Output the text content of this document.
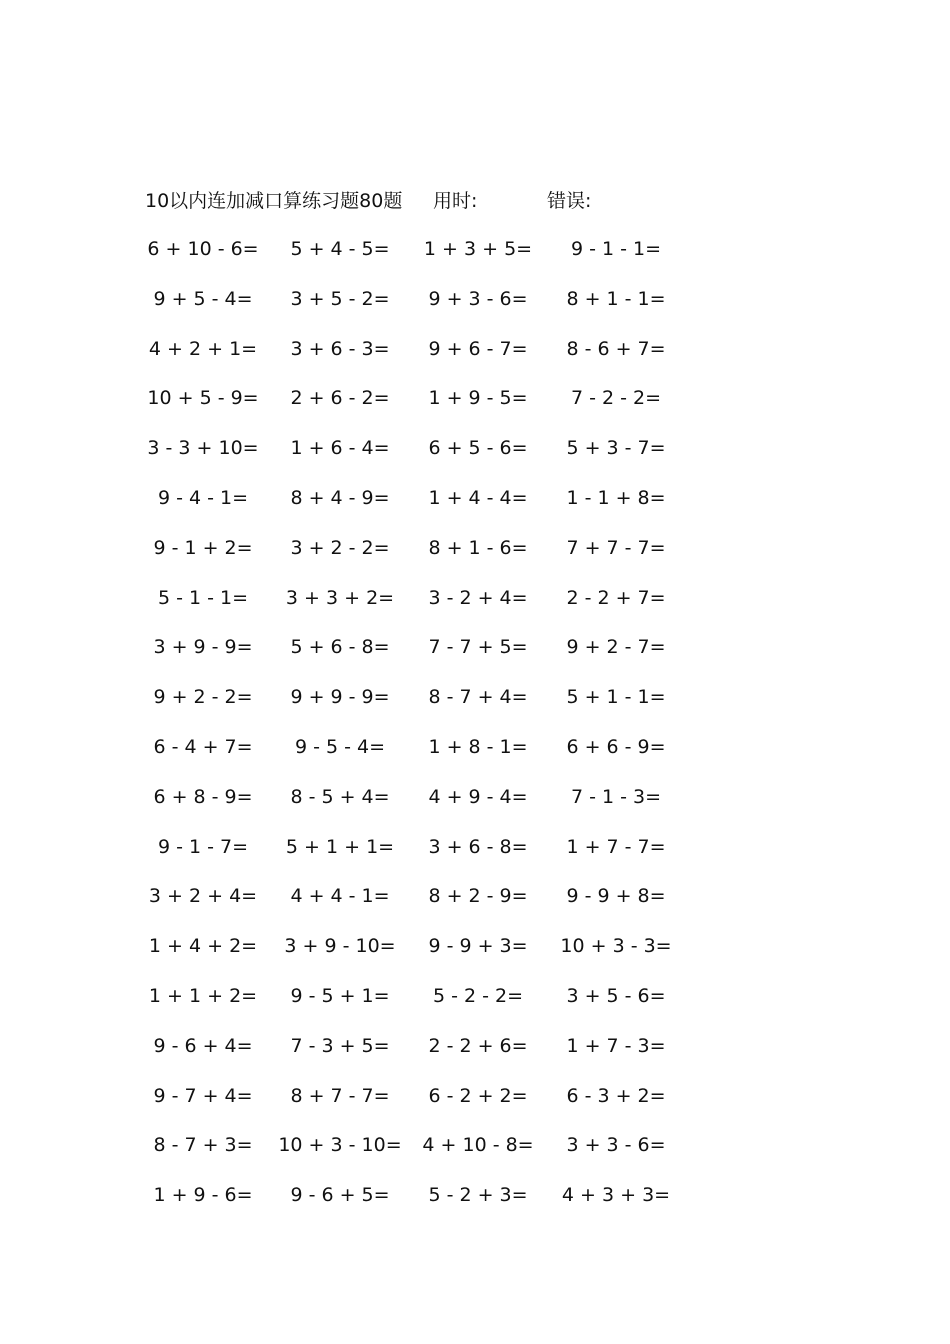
10以内连加减口算练习题80题 用时:	错误:
6 + 10 - 6=	5 + 4 - 5=	1 + 3 + 5=	9 - 1 - 1=
9 + 5 - 4=	3 + 5 - 2=	9 + 3 - 6=	8 + 1 - 1=
4 + 2 + 1=	3 + 6 - 3=	9 + 6 - 7=	8 - 6 + 7=
10 + 5 - 9=	2 + 6 - 2=	1 + 9 - 5=	7 - 2 - 2=
3 - 3 + 10=	1 + 6 - 4=	6 + 5 - 6=	5 + 3 - 7=
9 - 4 - 1=	8 + 4 - 9=	1 + 4 - 4=	1 - 1 + 8=
9 - 1 + 2=	3 + 2 - 2=	8 + 1 - 6=	7 + 7 - 7=
5 - 1 - 1=	3 + 3 + 2=	3 - 2 + 4=	2 - 2 + 7=
3 + 9 - 9=	5 + 6 - 8=	7 - 7 + 5=	9 + 2 - 7=
9 + 2 - 2=	9 + 9 - 9=	8 - 7 + 4=	5 + 1 - 1=
6 - 4 + 7=	9 - 5 - 4=	1 + 8 - 1=	6 + 6 - 9=
6 + 8 - 9=	8 - 5 + 4=	4 + 9 - 4=	7 - 1 - 3=
9 - 1 - 7=	5 + 1 + 1=	3 + 6 - 8=	1 + 7 - 7=
3 + 2 + 4=	4 + 4 - 1=	8 + 2 - 9=	9 - 9 + 8=
1 + 4 + 2=	3 + 9 - 10=	9 - 9 + 3=	10 + 3 - 3=
1 + 1 + 2=	9 - 5 + 1=	5 - 2 - 2=	3 + 5 - 6=
9 - 6 + 4=	7 - 3 + 5=	2 - 2 + 6=	1 + 7 - 3=
9 - 7 + 4=	8 + 7 - 7=	6 - 2 + 2=	6 - 3 + 2=
8 - 7 + 3=	10 + 3 - 10=	4 + 10 - 8=	3 + 3 - 6=
1 + 9 - 6=	9 - 6 + 5=	5 - 2 + 3=	4 + 3 + 3=
